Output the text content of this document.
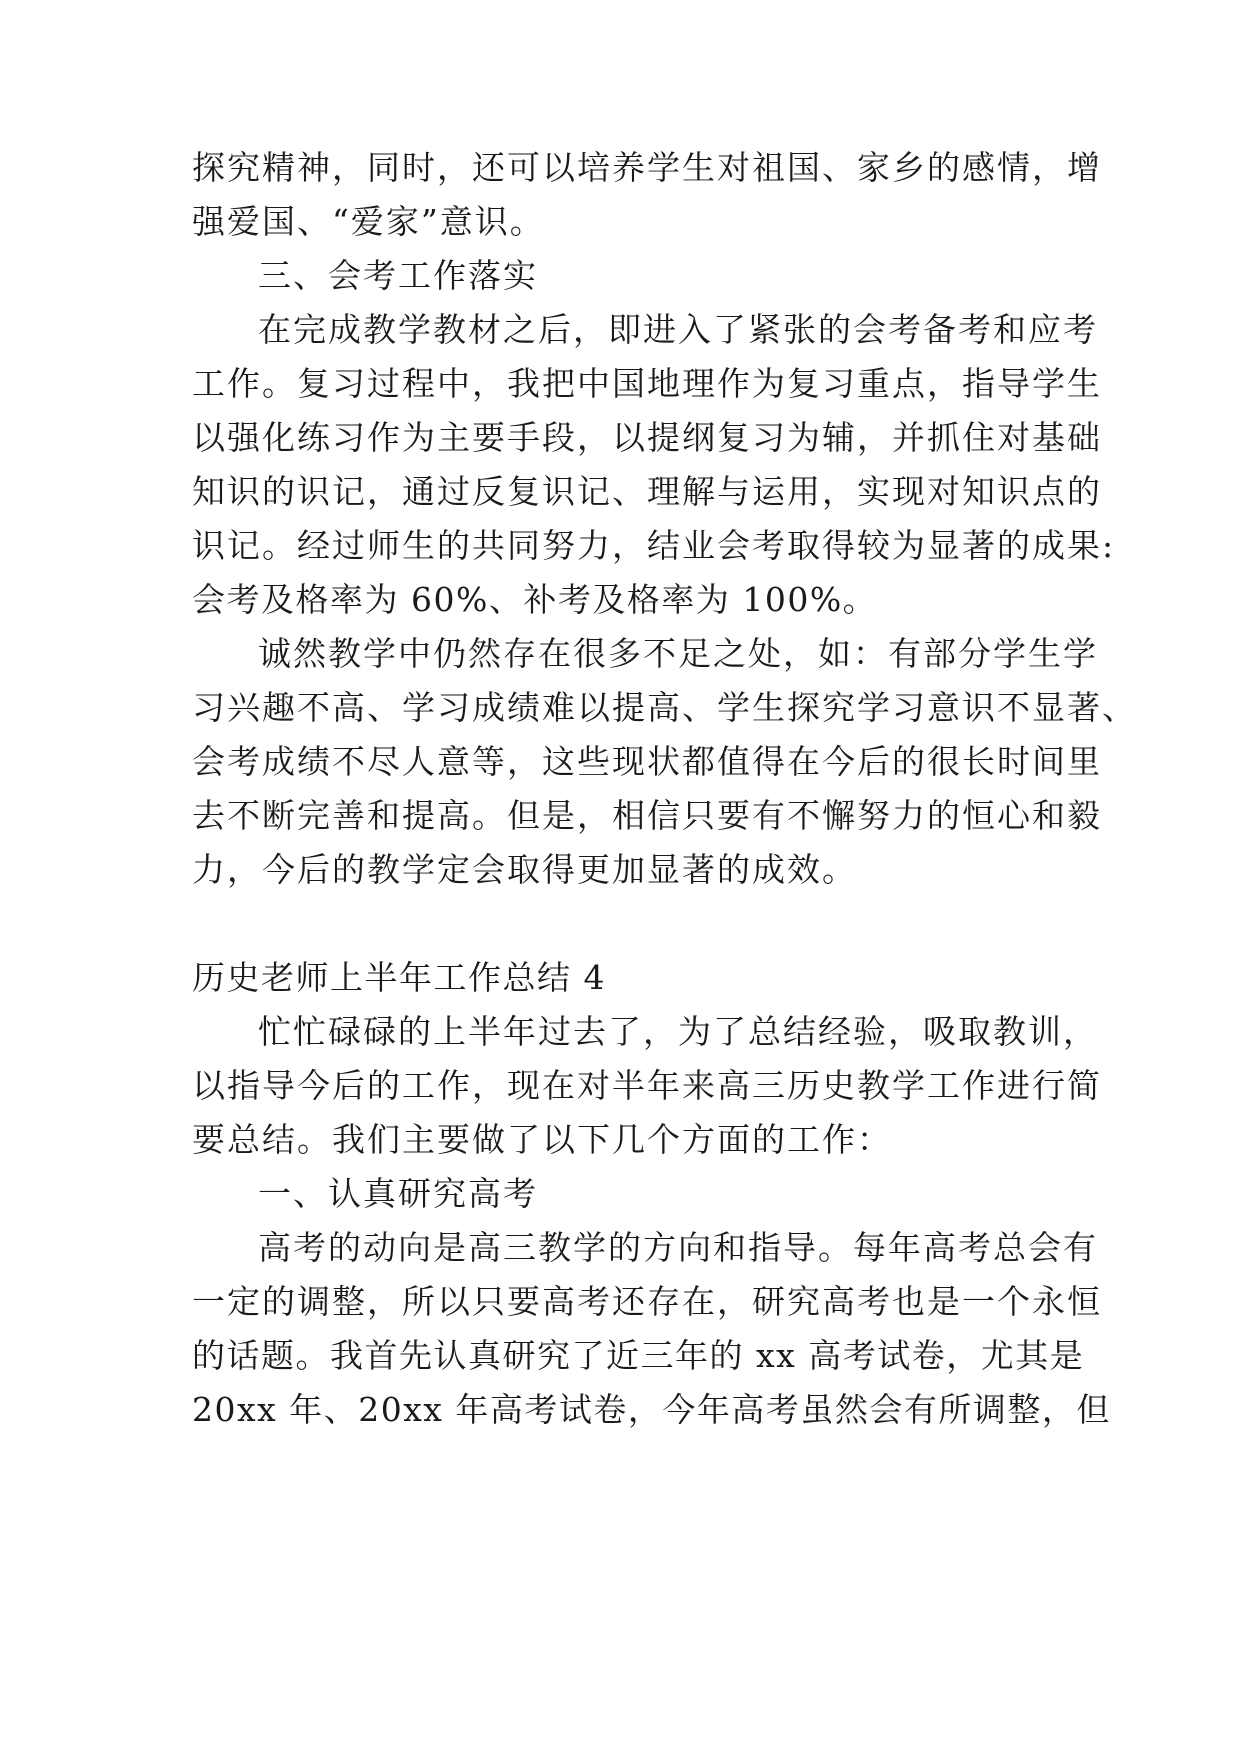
探究精神，同时，还可以培养学生对祖国、家乡的感情，增
强爱国、“爱家”意识。
三、会考工作落实
在完成教学教材之后，即进入了紧张的会考备考和应考
工作。复习过程中，我把中国地理作为复习重点，指导学生
以强化练习作为主要手段，以提纲复习为辅，并抓住对基础
知识的识记，通过反复识记、理解与运用，实现对知识点的
识记。经过师生的共同努力，结业会考取得较为显著的成果:
会考及格率为 60%、补考及格率为 100%。
诚然教学中仍然存在很多不足之处，如：有部分学生学
习兴趣不高、学习成绩难以提高、学生探究学习意识不显著、
会考成绩不尽人意等，这些现状都值得在今后的很长时间里
去不断完善和提高。但是，相信只要有不懈努力的恒心和毅
力，今后的教学定会取得更加显著的成效。
历史老师上半年工作总结 4
忙忙碌碌的上半年过去了，为了总结经验，吸取教训，
以指导今后的工作，现在对半年来高三历史教学工作进行简
要总结。我们主要做了以下几个方面的工作：
一、认真研究高考
高考的动向是高三教学的方向和指导。每年高考总会有
一定的调整，所以只要高考还存在，研究高考也是一个永恒
的话题。我首先认真研究了近三年的 xx 高考试卷，尤其是
20xx 年、20xx 年高考试卷，今年高考虽然会有所调整，但
